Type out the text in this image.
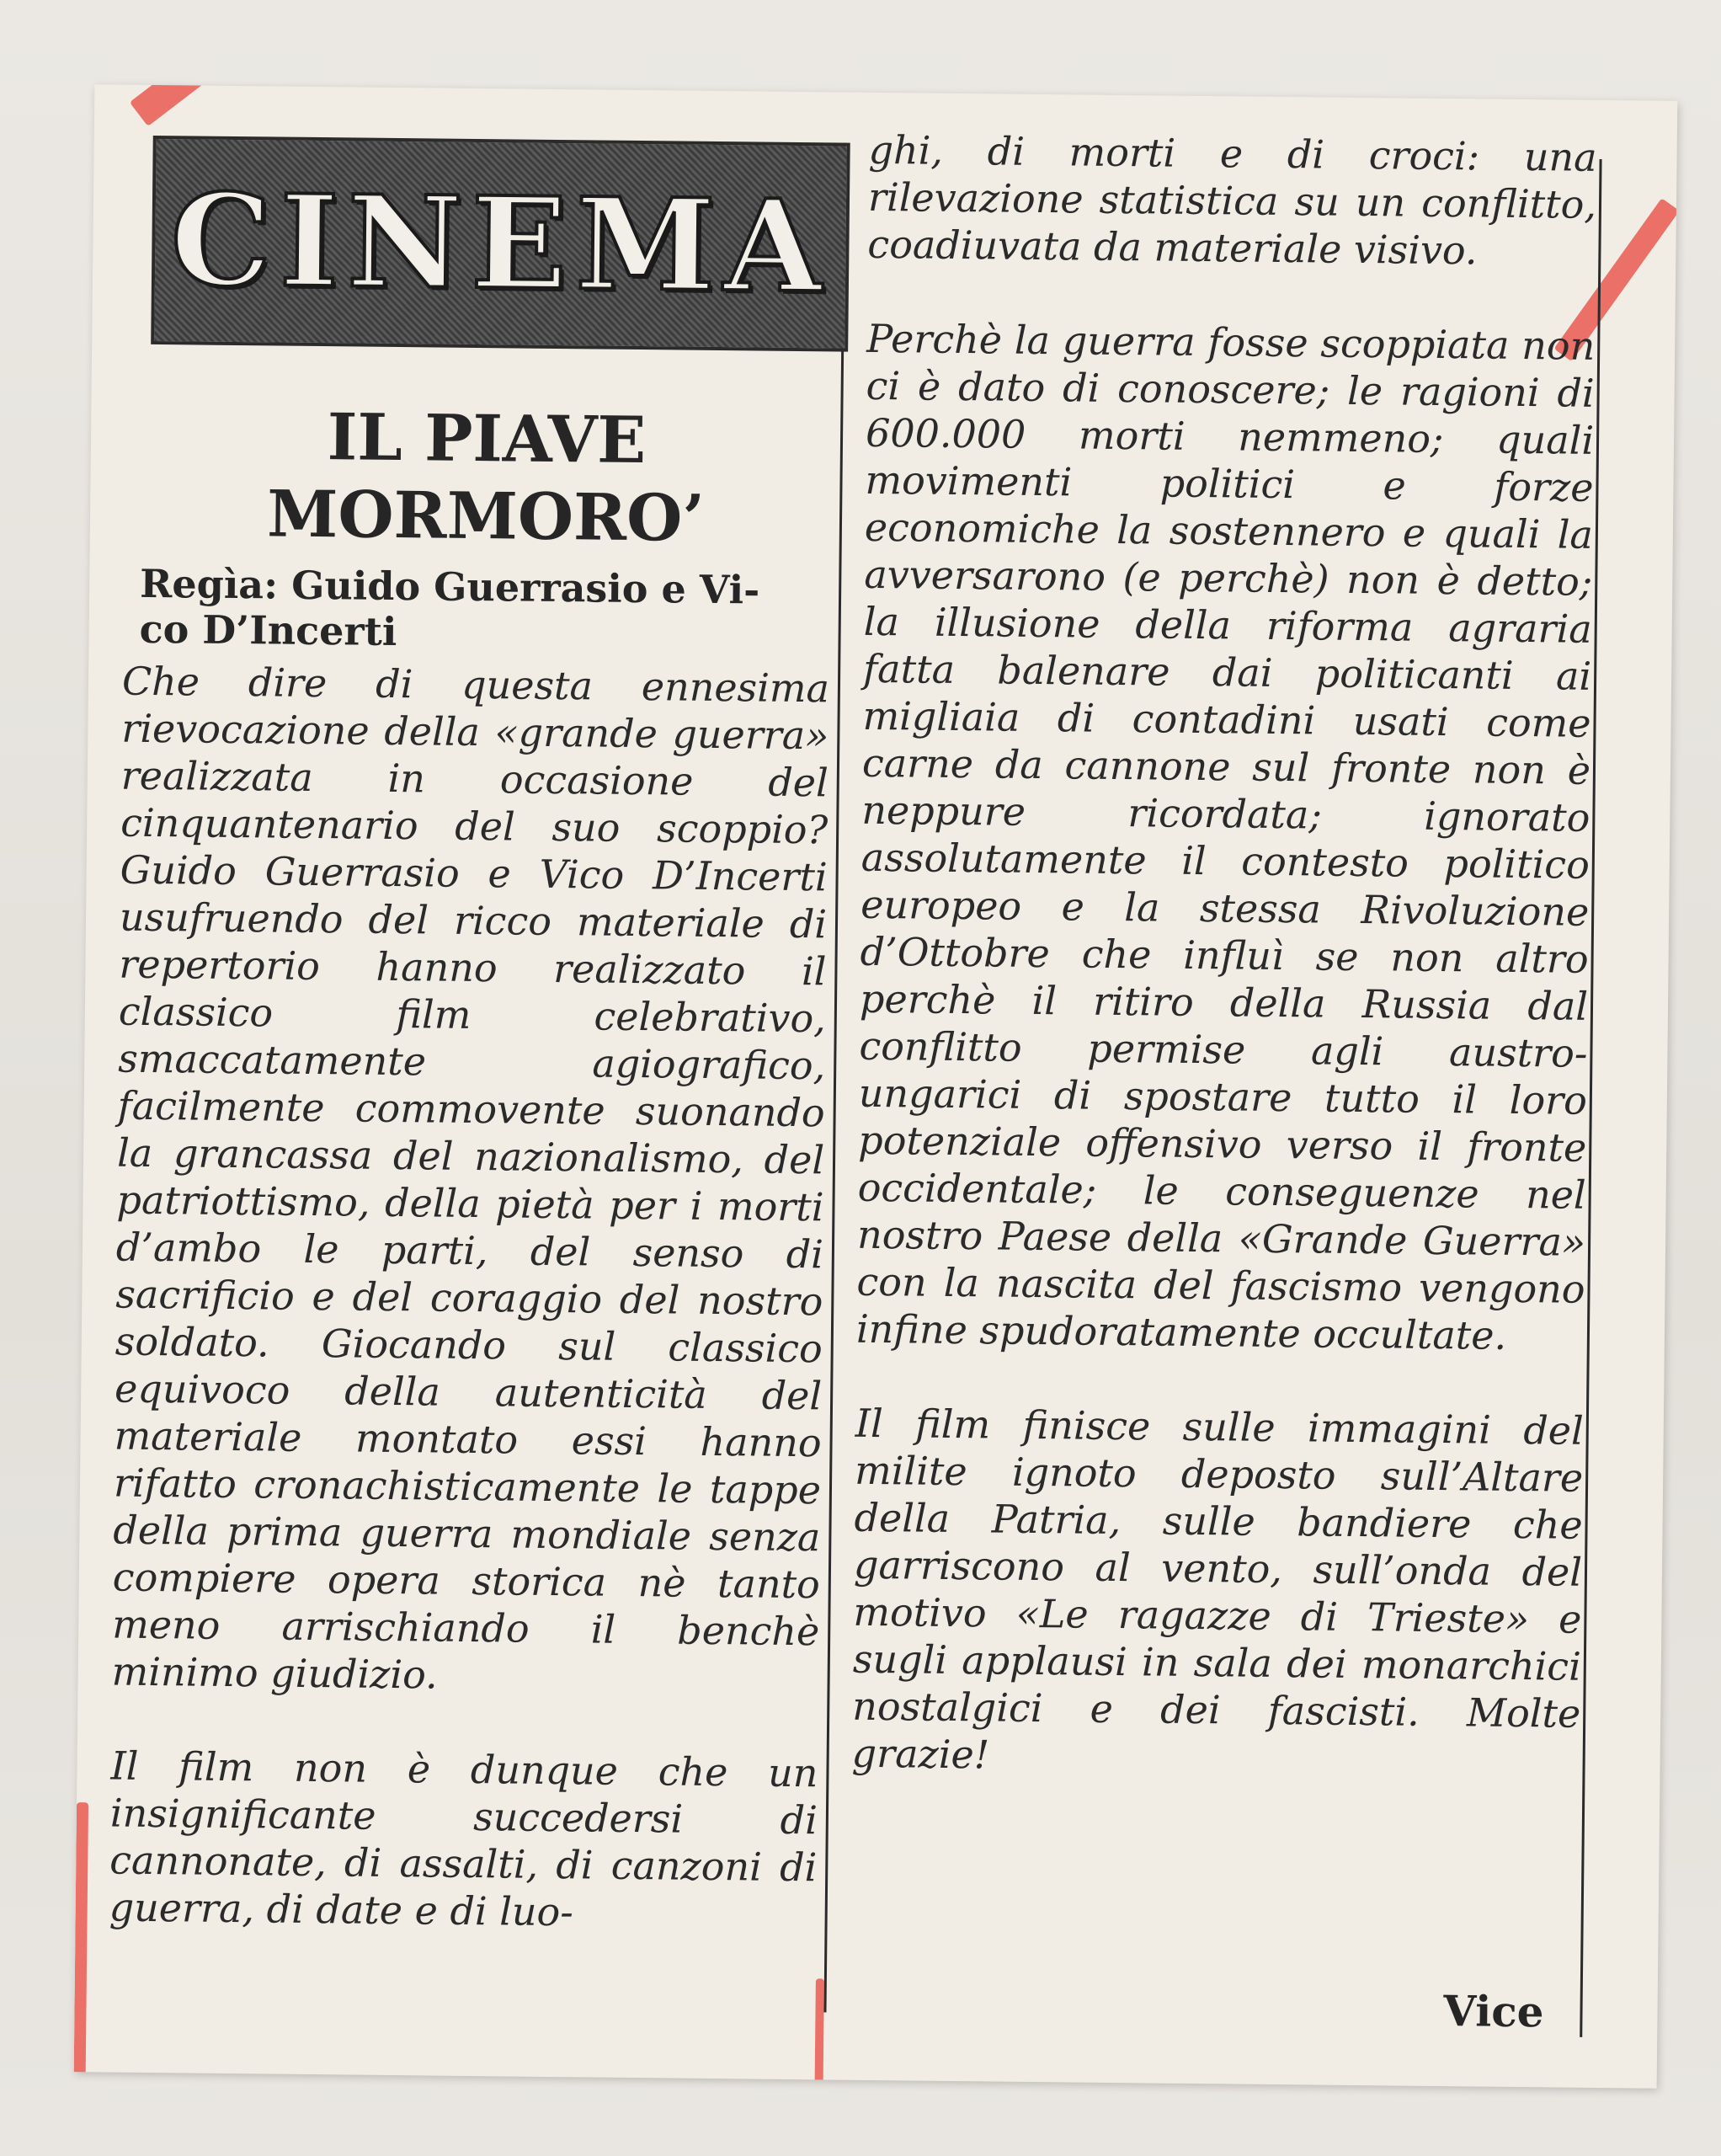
CINEMA
IL PIAVE
MORMORO’
Regìa: Guido Guerrasio e Vi-
co D’Incerti
Che dire di questa ennesima rievocazione della «grande guerra» realizzata in occasione del cinquantenario del suo scoppio? Guido Guerrasio e Vico D’Incerti usufruendo del ricco materiale di repertorio hanno realizzato il classico film celebrativo, smaccatamente agiografico, facilmente commovente suonando la grancassa del nazionalismo, del patriottismo, della pietà per i morti d’ambo le parti, del senso di sacrificio e del coraggio del nostro soldato. Giocando sul classico equivoco della autenticità del materiale montato essi hanno rifatto cronachisticamente le tappe della prima guerra mondiale senza compiere opera storica nè tanto meno arrischiando il benchè minimo giudizio.

Il film non è dunque che un insignificante succedersi di cannonate, di assalti, di canzoni di guerra, di date e di luo-
ghi, di morti e di croci: una rilevazione statistica su un conflitto, coadiuvata da materiale visivo.

Perchè la guerra fosse scoppiata non ci è dato di conoscere; le ragioni di 600.000 morti nemmeno; quali movimenti politici e forze economiche la sostennero e quali la avversarono (e perchè) non è detto; la illusione della riforma agraria fatta balenare dai politicanti ai migliaia di contadini usati come carne da cannone sul fronte non è neppure ricordata; ignorato assolutamente il contesto politico europeo e la stessa Rivoluzione d’Ottobre che influì se non altro perchè il ritiro della Russia dal conflitto permise agli austro-ungarici di spostare tutto il loro potenziale offensivo verso il fronte occidentale; le conseguenze nel nostro Paese della «Grande Guerra» con la nascita del fascismo vengono infine spudoratamente occultate.

Il film finisce sulle immagini del milite ignoto deposto sull’Altare della Patria, sulle bandiere che garriscono al vento, sull’onda del motivo «Le ragazze di Trieste» e sugli applausi in sala dei monarchici nostalgici e dei fascisti. Molte grazie!
Vice
